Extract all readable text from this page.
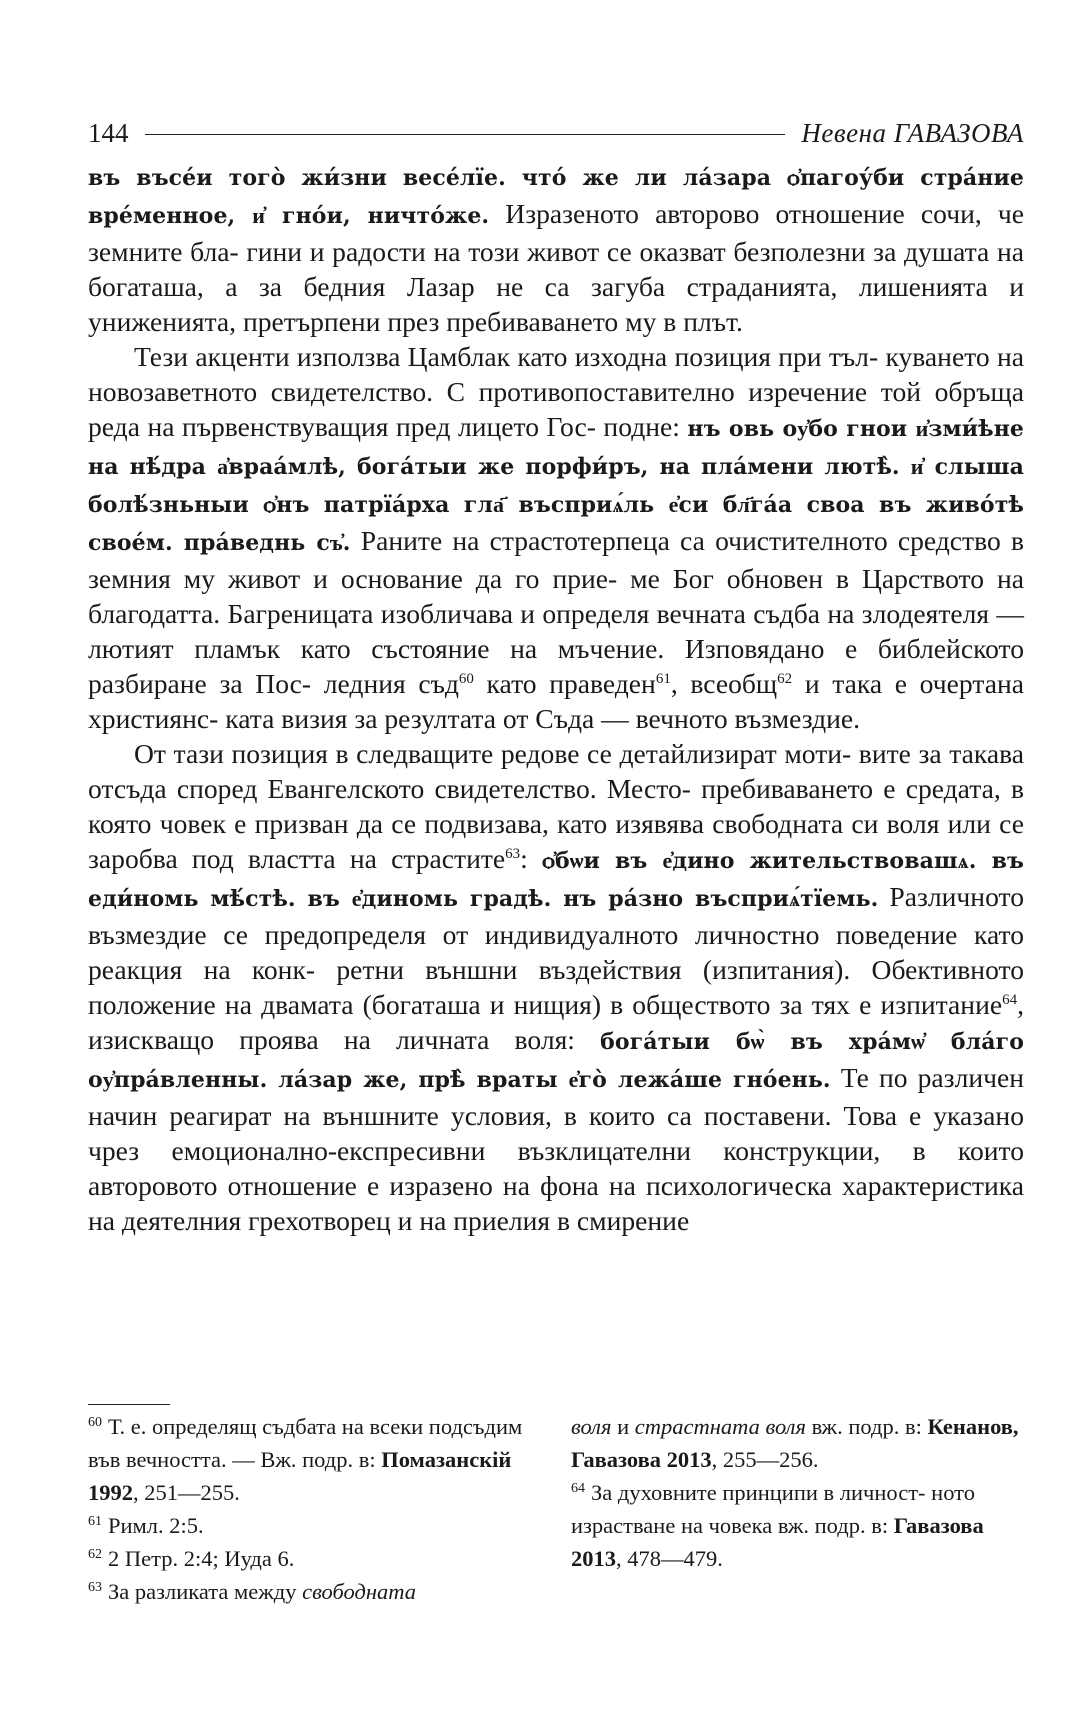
144	Невена ГАВАЗОВА

въ въсе́и того̀ жи́зни весе́лїе. что́ же ли ла́зара ѻ҆пагоу́би стра́ние вре́менное, и҆ гно́и, ничто́же. Изразеното авторово отношение сочи, че земните бла- гини и радости на този живот се оказват безполезни за душата на богаташа, а за бедния Лазар не са загуба страданията, лишенията и униженията, претърпени през пребиваването му в плът.

Тези акценти използва Цамблак като изходна позиция при тъл- куването на новозаветното свидетелство. С противопоставително изречение той обръща реда на първенствуващия пред лицето Гос- подне: нъ овь оу҆бо гнои и҆зми́ѣне на нѣ́дра а҆враа́млѣ, бога́тыи же порфи́ръ, на пла́мени лютѣ̀. и҆ слыша болѣ́зньныи ѻ҆нъ патрїа́рха гла҃ въсприѧ́ль е҆си бл҃га́а своа въ живо́тѣ свое́м. пра́веднь съ҆. Раните на страстотерпеца са очистителното средство в земния му живот и основание да го прие- ме Бог обновен в Царството на благодатта. Багреницата изобличава и определя вечната съдба на злодеятеля — лютият пламък като състояние на мъчение. Изповядано е библейското разбиране за Пос- ледния съд$^{60}$ като праведен$^{61}$, всеобщ$^{62}$ и така е очертана християнс- ката визия за резултата от Съда — вечното възмездие.

От тази позиция в следващите редове се детайлизират моти- вите за такава отсъда според Евангелското свидетелство. Место- пребиваването е средата, в която човек е призван да се подвизава, като изявява свободната си воля или се заробва под властта на страстите$^{63}$: ѻ҆бѡи въ е҆дино жительствовашѧ. въ еди́номь мѣ́стѣ. въ е҆диномь градѣ. нъ ра́зно въсприѧ́тїемь. Различното възмездие се предопределя от индивидуалното личностно поведение като реакция на конк- ретни външни въздействия (изпитания). Обективното положение на двамата (богаташа и нищия) в обществото за тях е изпитание$^{64}$, изискващо проява на личната воля: бога́тыи бѡ̀ въ хра́мѡ҆ бла́го оу҆пра́вленны. ла́зар же, прѣ̀ враты е҆го̀ лежа́ше гно́ень. Те по различен начин реагират на външните условия, в които са поставени. Това е указано чрез емоционално-експресивни възклицателни конструкции, в които авторовото отношение е изразено на фона на психологическа характеристика на деятелния грехотворец и на приелия в смирение

$^{60}$ Т. е. определящ съдбата на всеки подсъдим във вечността. — Вж. подр. в: Помазанскій 1992, 251—255.

$^{61}$ Римл. 2:5.

$^{62}$ 2 Петр. 2:4; Иуда 6.

$^{63}$ За разликата между свободната

воля и страстната воля вж. подр. в: Кенанов, Гавазова 2013, 255—256.

$^{64}$ За духовните принципи в личност- ното израстване на човека вж. подр. в: Гавазова 2013, 478—479.
